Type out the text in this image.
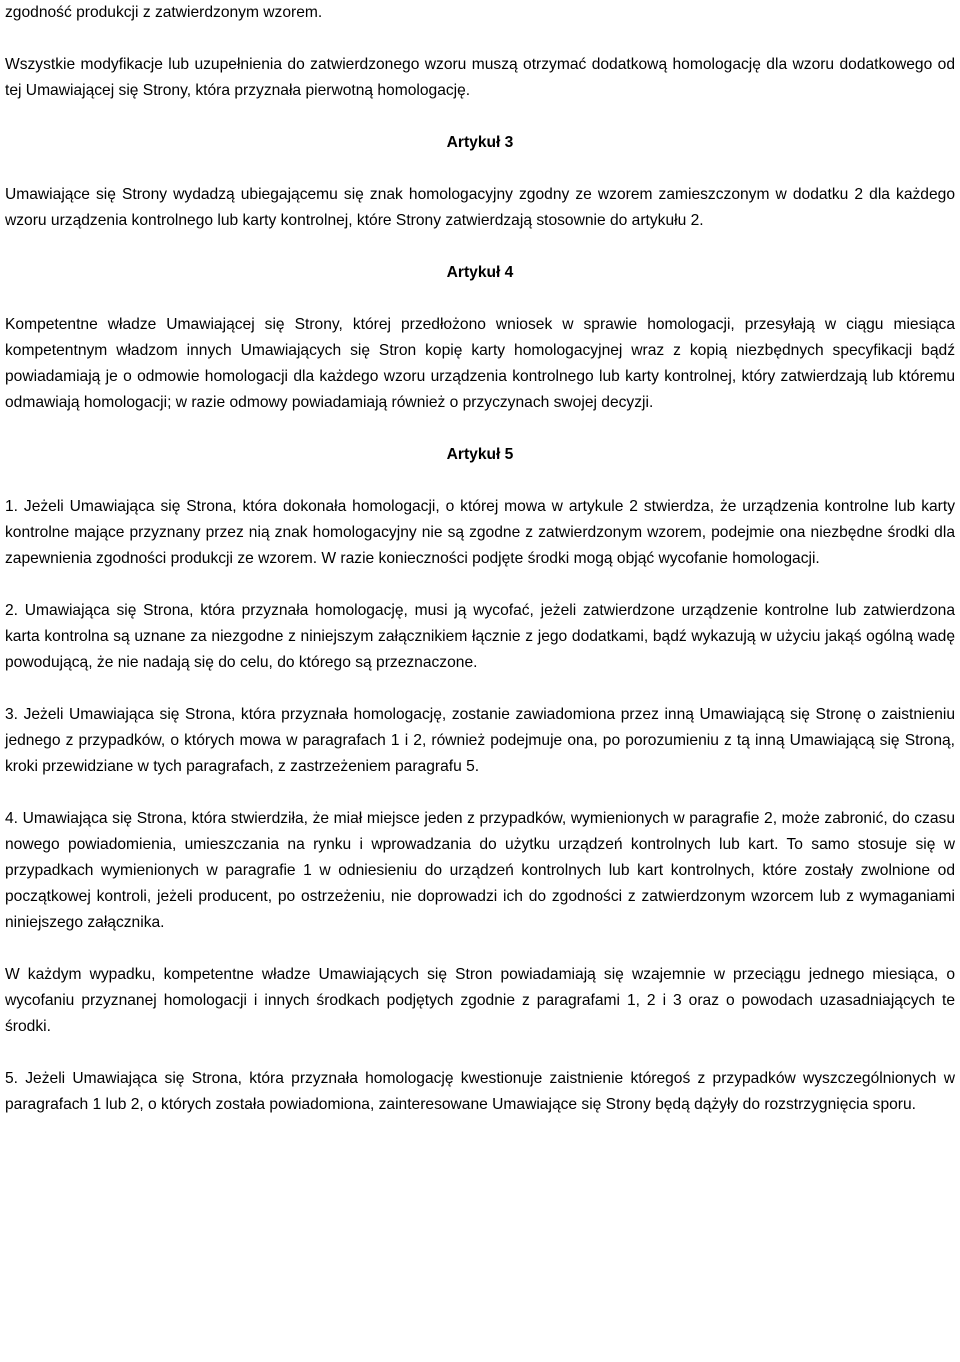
zgodność produkcji z zatwierdzonym wzorem.

Wszystkie modyfikacje lub uzupełnienia do zatwierdzonego wzoru muszą otrzymać dodatkową homologację dla wzoru dodatkowego od tej Umawiającej się Strony, która przyznała pierwotną homologację.

Artykuł 3

Umawiające się Strony wydadzą ubiegającemu się znak homologacyjny zgodny ze wzorem zamieszczonym w dodatku 2 dla każdego wzoru urządzenia kontrolnego lub karty kontrolnej, które Strony zatwierdzają stosownie do artykułu 2.

Artykuł 4

Kompetentne władze Umawiającej się Strony, której przedłożono wniosek w sprawie homologacji, przesyłają w ciągu miesiąca kompetentnym władzom innych Umawiających się Stron kopię karty homologacyjnej wraz z kopią niezbędnych specyfikacji bądź powiadamiają je o odmowie homologacji dla każdego wzoru urządzenia kontrolnego lub karty kontrolnej, który zatwierdzają lub któremu odmawiają homologacji; w razie odmowy powiadamiają również o przyczynach swojej decyzji.

Artykuł 5

1. Jeżeli Umawiająca się Strona, która dokonała homologacji, o której mowa w artykule 2 stwierdza, że urządzenia kontrolne lub karty kontrolne mające przyznany przez nią znak homologacyjny nie są zgodne z zatwierdzonym wzorem, podejmie ona niezbędne środki dla zapewnienia zgodności produkcji ze wzorem. W razie konieczności podjęte środki mogą objąć wycofanie homologacji.

2. Umawiająca się Strona, która przyznała homologację, musi ją wycofać, jeżeli zatwierdzone urządzenie kontrolne lub zatwierdzona karta kontrolna są uznane za niezgodne z niniejszym załącznikiem łącznie z jego dodatkami, bądź wykazują w użyciu jakąś ogólną wadę powodującą, że nie nadają się do celu, do którego są przeznaczone.

3. Jeżeli Umawiająca się Strona, która przyznała homologację, zostanie zawiadomiona przez inną Umawiającą się Stronę o zaistnieniu jednego z przypadków, o których mowa w paragrafach 1 i 2, również podejmuje ona, po porozumieniu z tą inną Umawiającą się Stroną, kroki przewidziane w tych paragrafach, z zastrzeżeniem paragrafu 5.

4. Umawiająca się Strona, która stwierdziła, że miał miejsce jeden z przypadków, wymienionych w paragrafie 2, może zabronić, do czasu nowego powiadomienia, umieszczania na rynku i wprowadzania do użytku urządzeń kontrolnych lub kart. To samo stosuje się w przypadkach wymienionych w paragrafie 1 w odniesieniu do urządzeń kontrolnych lub kart kontrolnych, które zostały zwolnione od początkowej kontroli, jeżeli producent, po ostrzeżeniu, nie doprowadzi ich do zgodności z zatwierdzonym wzorcem lub z wymaganiami niniejszego załącznika.

W każdym wypadku, kompetentne władze Umawiających się Stron powiadamiają się wzajemnie w przeciągu jednego miesiąca, o wycofaniu przyznanej homologacji i innych środkach podjętych zgodnie z paragrafami 1, 2 i 3 oraz o powodach uzasadniających te środki.

5. Jeżeli Umawiająca się Strona, która przyznała homologację kwestionuje zaistnienie któregoś z przypadków wyszczególnionych w paragrafach 1 lub 2, o których została powiadomiona, zainteresowane Umawiające się Strony będą dążyły do rozstrzygnięcia sporu.
